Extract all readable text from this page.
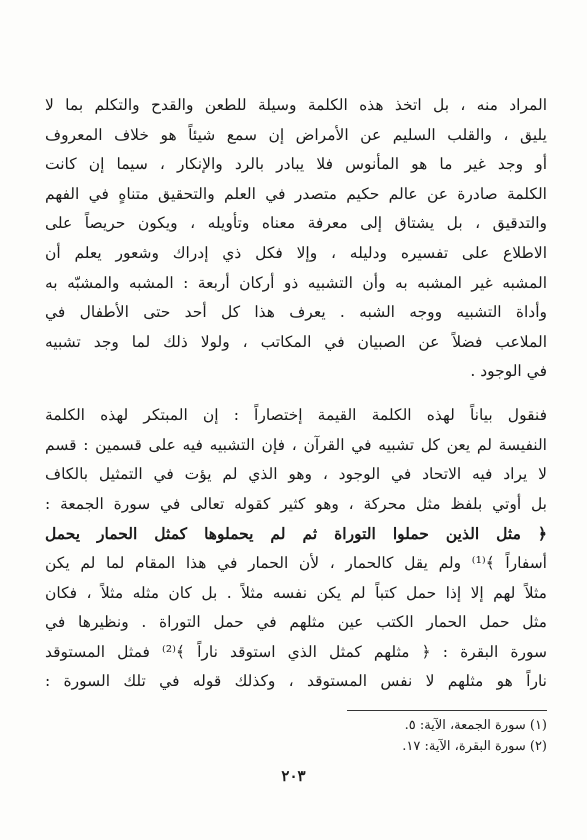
المراد منه ، بل اتخذ هذه الكلمة وسيلة للطعن والقدح والتكلم بما لا
يليق ، والقلب السليم عن الأمراض إن سمع شيئاً هو خلاف المعروف
أو وجد غير ما هو المأنوس فلا يبادر بالرد والإنكار ، سيما إن كانت
الكلمة صادرة عن عالم حكيم متصدر في العلم والتحقيق متناهٍ في الفهم
والتدقيق ، بل يشتاق إلى معرفة معناه وتأويله ، ويكون حريصاً على
الاطلاع على تفسيره ودليله ، وإلا فكل ذي إدراك وشعور يعلم أن
المشبه غير المشبه به وأن التشبيه ذو أركان أربعة : المشبه والمشبّه به
وأداة التشبيه ووجه الشبه . يعرف هذا كل أحد حتى الأطفال في
الملاعب فضلاً عن الصبيان في المكاتب ، ولولا ذلك لما وجد تشبيه
في الوجود .
فنقول بياناً لهذه الكلمة القيمة إختصاراً : إن المبتكر لهذه الكلمة
النفيسة لم يعن كل تشبيه في القرآن ، فإن التشبيه فيه على قسمين : قسم
لا يراد فيه الاتحاد في الوجود ، وهو الذي لم يؤت في التمثيل بالكاف
بل أوتي بلفظ مثل محركة ، وهو كثير كقوله تعالى في سورة الجمعة :
﴿ مثل الذين حملوا التوراة ثم لم يحملوها كمثل الحمار يحمل
أسفاراً ﴾⁽¹⁾ ولم يقل كالحمار ، لأن الحمار في هذا المقام لما لم يكن
مثلاً لهم إلا إذا حمل كتباً لم يكن نفسه مثلاً . بل كان مثله مثلاً ، فكان
مثل حمل الحمار الكتب عين مثلهم في حمل التوراة . ونظيرها في
سورة البقرة : ﴿ مثلهم كمثل الذي استوقد ناراً ﴾⁽²⁾ فمثل المستوقد
ناراً هو مثلهم لا نفس المستوقد ، وكذلك قوله في تلك السورة :
(١) سورة الجمعة، الآية: ٥.
(٢) سورة البقرة، الآية: ١٧.
٢٠٣
